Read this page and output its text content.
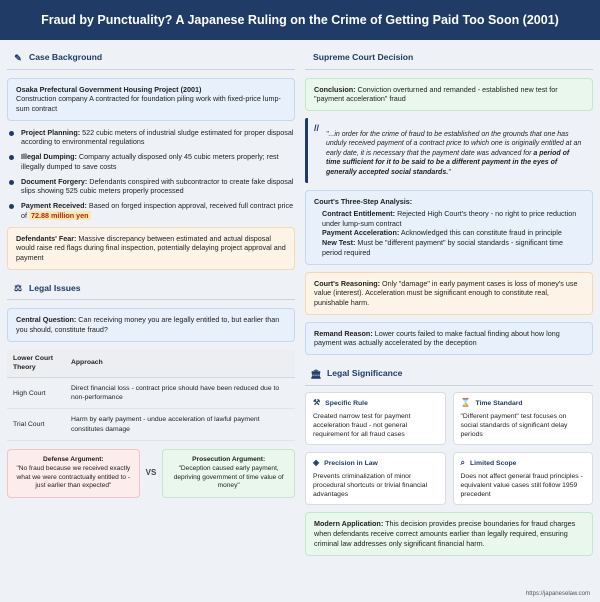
Fraud by Punctuality? A Japanese Ruling on the Crime of Getting Paid Too Soon (2001)
✎ Case Background
Osaka Prefectural Government Housing Project (2001)
Construction company A contracted for foundation piling work with fixed-price lump-sum contract
Project Planning: 522 cubic meters of industrial sludge estimated for proper disposal according to environmental regulations
Illegal Dumping: Company actually disposed only 45 cubic meters properly; rest illegally dumped to save costs
Document Forgery: Defendants conspired with subcontractor to create fake disposal slips showing 525 cubic meters properly processed
Payment Received: Based on forged inspection approval, received full contract price of 72.88 million yen
Defendants' Fear: Massive discrepancy between estimated and actual disposal would raise red flags during final inspection, potentially delaying project approval and payment
⚖ Legal Issues
Central Question: Can receiving money you are legally entitled to, but earlier than you should, constitute fraud?
Lower Court Theory	Approach
High Court	Direct financial loss - contract price should have been reduced due to non-performance
Trial Court	Harm by early payment - undue acceleration of lawful payment constitutes damage
Defense Argument:
"No fraud because we received exactly what we were contractually entitled to - just earlier than expected"
VS
Prosecution Argument:
"Deception caused early payment, depriving government of time value of money"
Supreme Court Decision
Conclusion: Conviction overturned and remanded - established new test for "payment acceleration" fraud
//
"...in order for the crime of fraud to be established on the grounds that one has unduly received payment of a contract price to which one is originally entitled at an early date, it is necessary that the payment date was advanced for a period of time sufficient for it to be said to be a different payment in the eyes of generally accepted social standards."
Court's Three-Step Analysis:
Contract Entitlement: Rejected High Court's theory - no right to price reduction under lump-sum contract
Payment Acceleration: Acknowledged this can constitute fraud in principle
New Test: Must be "different payment" by social standards - significant time period required
Court's Reasoning: Only "damage" in early payment cases is loss of money's use value (interest). Acceleration must be significant enough to constitute real, punishable harm.
Remand Reason: Lower courts failed to make factual finding about how long payment was actually accelerated by the deception
🏛 Legal Significance
⚒ Specific Rule
Created narrow test for payment acceleration fraud - not general requirement for all fraud cases
⌛ Time Standard
"Different payment" test focuses on social standards of significant delay periods
◈ Precision in Law
Prevents criminalization of minor procedural shortcuts or trivial financial advantages
⌕ Limited Scope
Does not affect general fraud principles - equivalent value cases still follow 1959 precedent
Modern Application: This decision provides precise boundaries for fraud charges when defendants receive correct amounts earlier than legally required, ensuring criminal law addresses only significant financial harm.
https://japaneselaw.com
